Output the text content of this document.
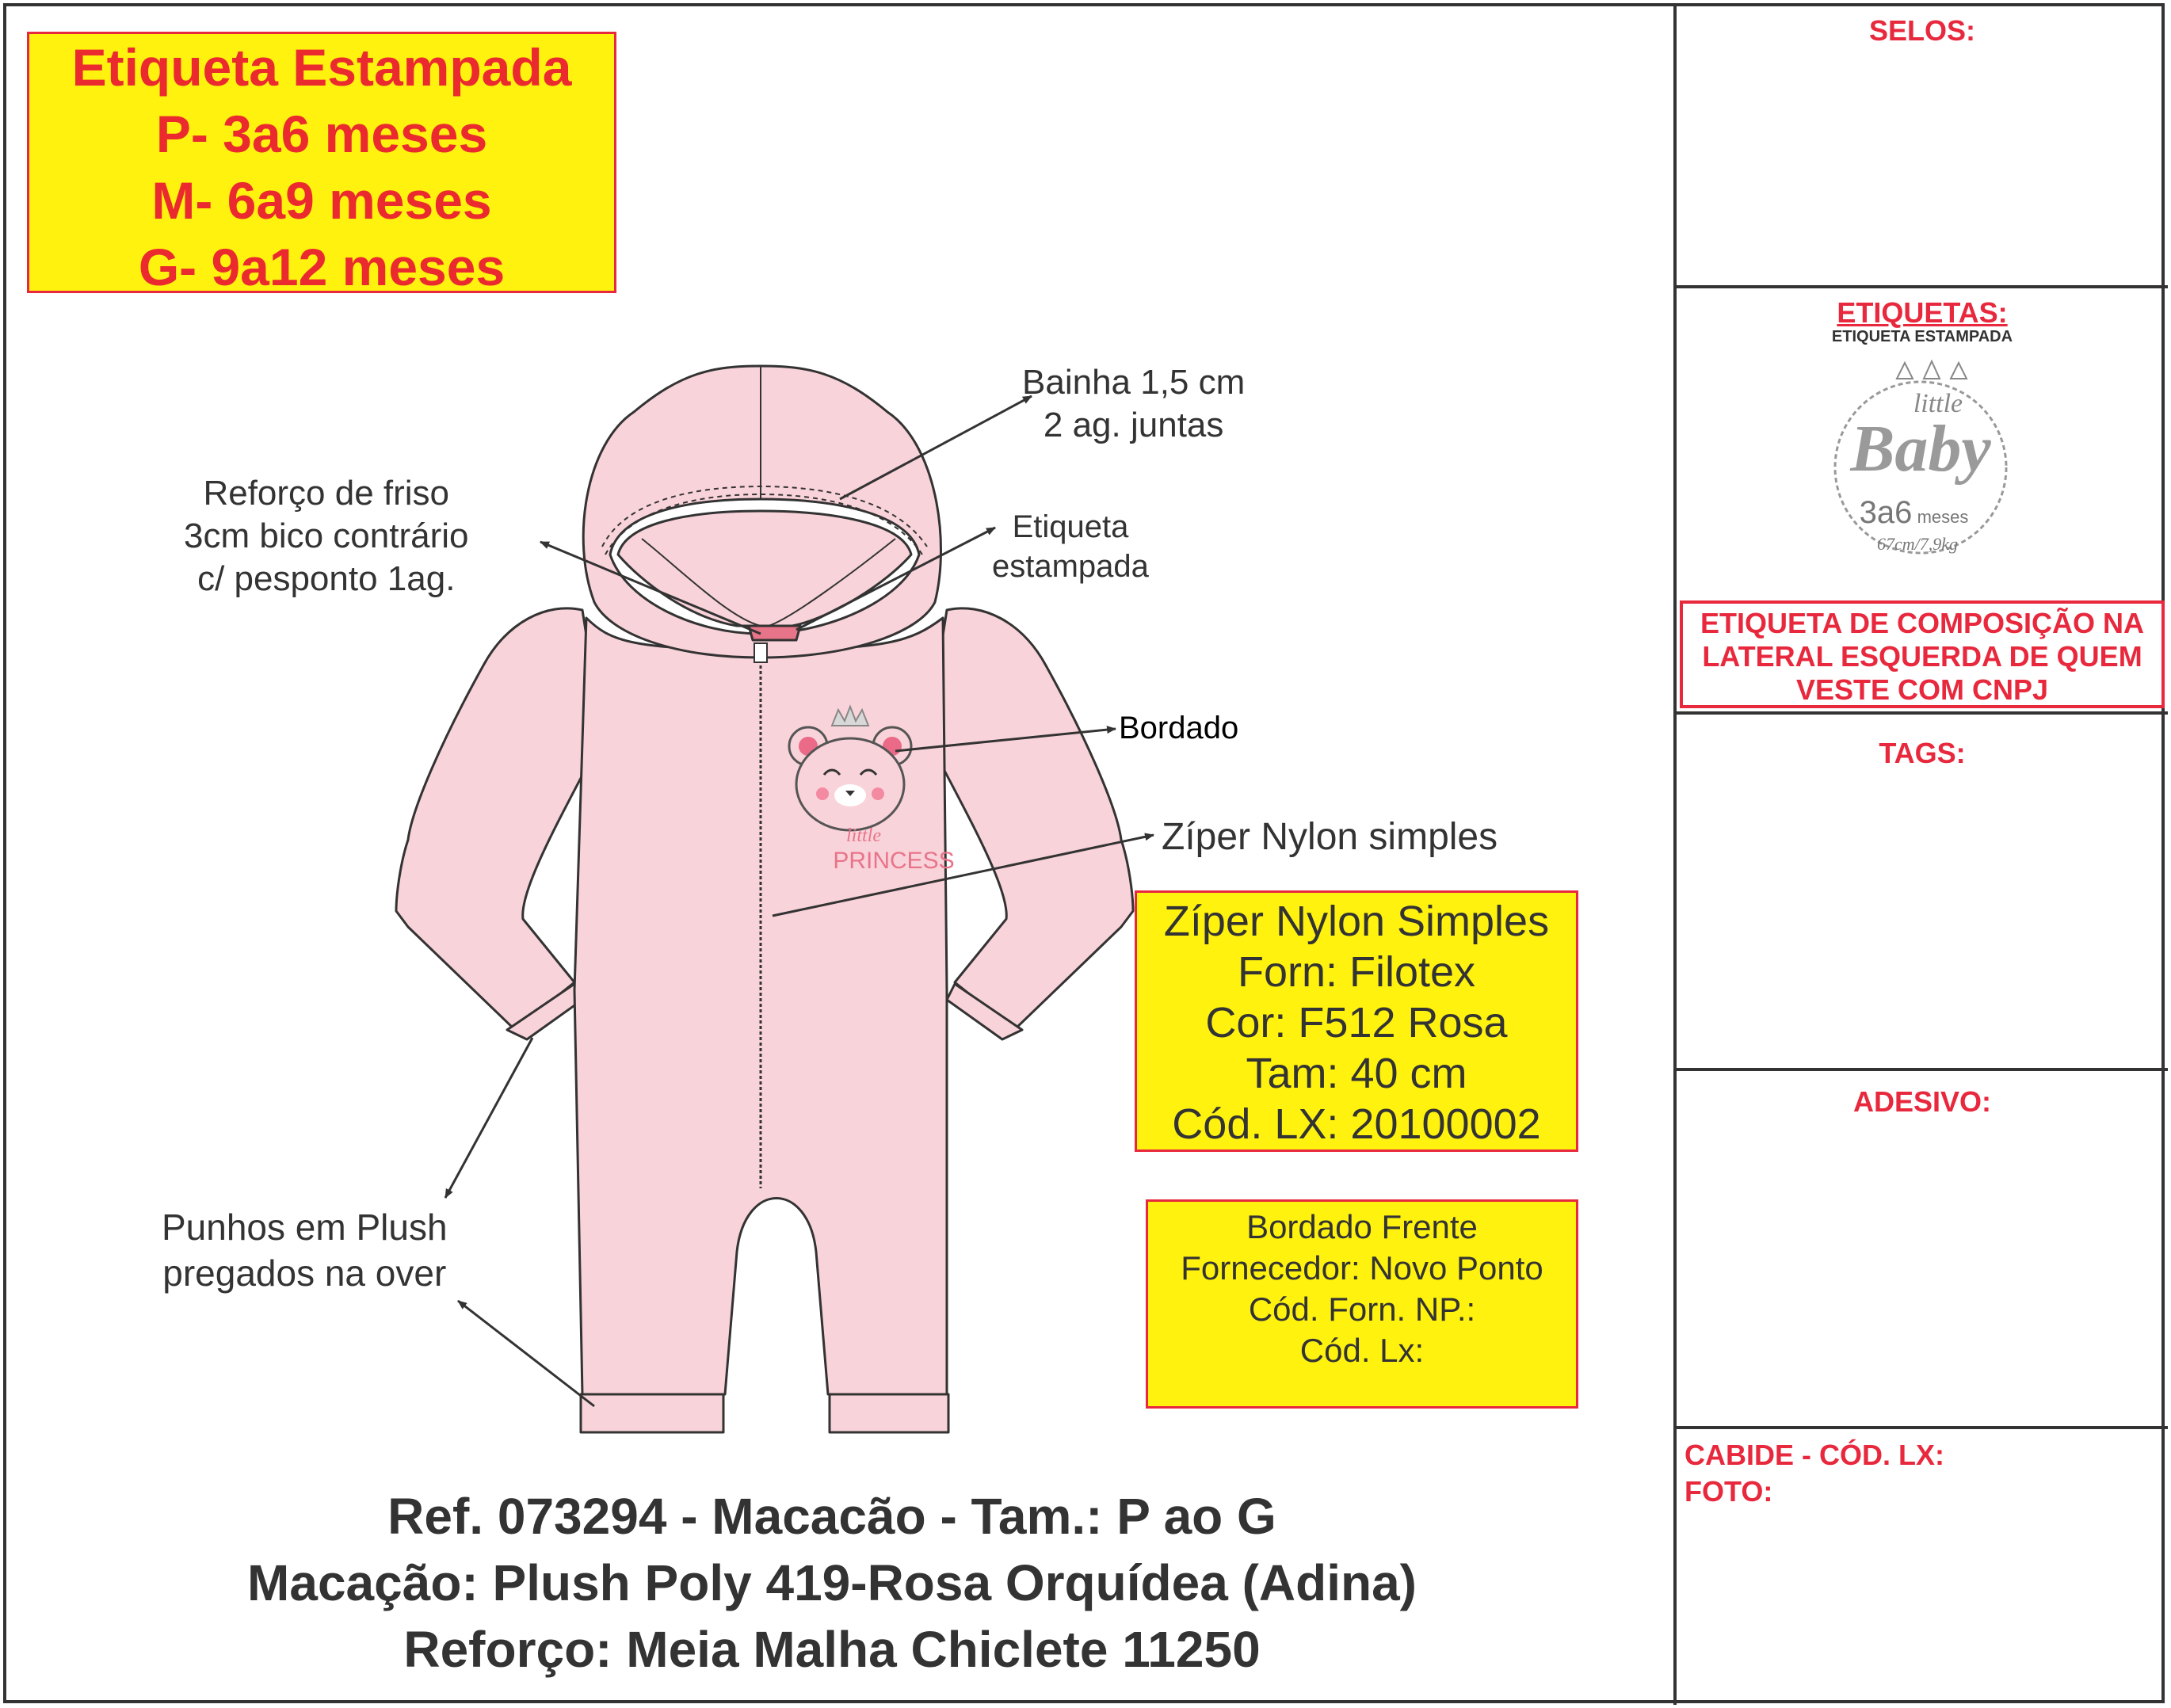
little
PRINCESS
Etiqueta Estampada
P- 3a6 meses
M- 6a9 meses
G- 9a12 meses
Bainha 1,5 cm
2 ag. juntas
Reforço de friso
3cm bico contrário
c/ pesponto 1ag.
Etiqueta
estampada
Bordado
Zíper Nylon simples
Punhos em Plush
pregados na over
Zíper Nylon Simples
Forn: Filotex
Cor: F512 Rosa
Tam: 40 cm
Cód. LX: 20100002
Bordado Frente
Fornecedor: Novo Ponto
Cód. Forn. NP.:
Cód. Lx:
Ref. 073294 - Macacão - Tam.: P ao G
Macação: Plush Poly 419-Rosa Orquídea (Adina)
Reforço: Meia Malha Chiclete 11250
SELOS:
ETIQUETAS:
ETIQUETA ESTAMPADA
little
Baby
3a6 meses
67cm/7,9kg
ETIQUETA DE COMPOSIÇÃO NA
LATERAL ESQUERDA DE QUEM
VESTE COM CNPJ
TAGS:
ADESIVO:
CABIDE - CÓD. LX:
FOTO:
